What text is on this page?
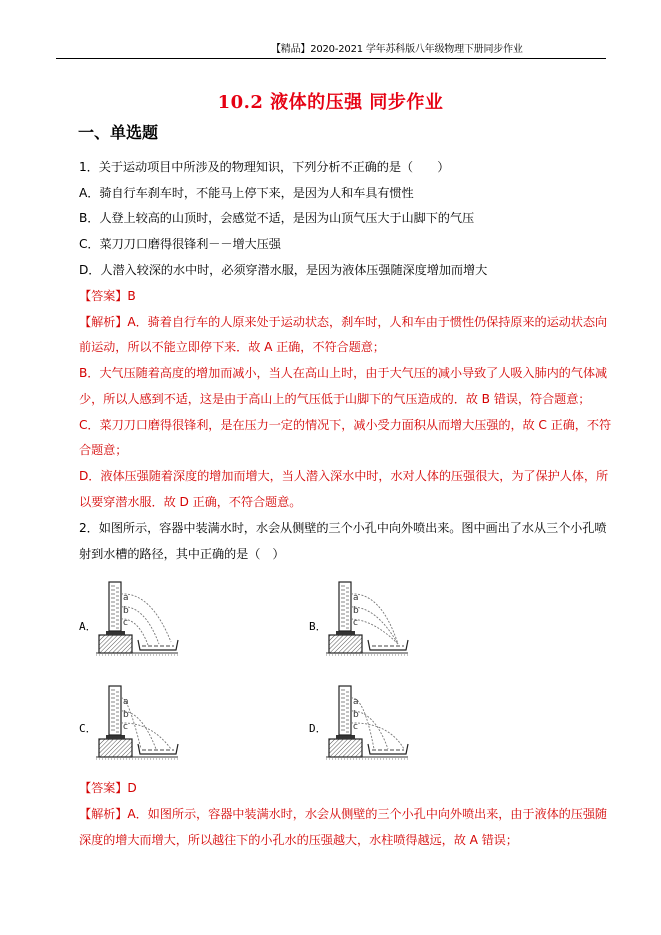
【精品】2020-2021 学年苏科版八年级物理下册同步作业
10.2 液体的压强 同步作业
一、单选题
1．关于运动项目中所涉及的物理知识，下列分析不正确的是（　　）
A．骑自行车刹车时，不能马上停下来，是因为人和车具有惯性
B．人登上较高的山顶时，会感觉不适，是因为山顶气压大于山脚下的气压
C．菜刀刀口磨得很锋利－－增大压强
D．人潜入较深的水中时，必须穿潜水服，是因为液体压强随深度增加而增大
【答案】B
【解析】A．骑着自行车的人原来处于运动状态，刹车时，人和车由于惯性仍保持原来的运动状态向
前运动，所以不能立即停下来．故 A 正确，不符合题意；
B．大气压随着高度的增加而减小，当人在高山上时，由于大气压的减小导致了人吸入肺内的气体减
少，所以人感到不适，这是由于高山上的气压低于山脚下的气压造成的．故 B 错误，符合题意；
C．菜刀刀口磨得很锋利，是在压力一定的情况下，减小受力面积从而增大压强的，故 C 正确，不符
合题意；
D．液体压强随着深度的增加而增大，当人潜入深水中时，水对人体的压强很大，为了保护人体，所
以要穿潜水服．故 D 正确，不符合题意。
2．如图所示，容器中装满水时，水会从侧壁的三个小孔中向外喷出来。图中画出了水从三个小孔喷
射到水槽的路径，其中正确的是（　）
A．	B．
C．	D．
a
b
c
a
b
c
a
b
c
a
b
c
【答案】D
【解析】A．如图所示，容器中装满水时，水会从侧壁的三个小孔中向外喷出来，由于液体的压强随
深度的增大而增大，所以越往下的小孔水的压强越大，水柱喷得越远，故 A 错误；
